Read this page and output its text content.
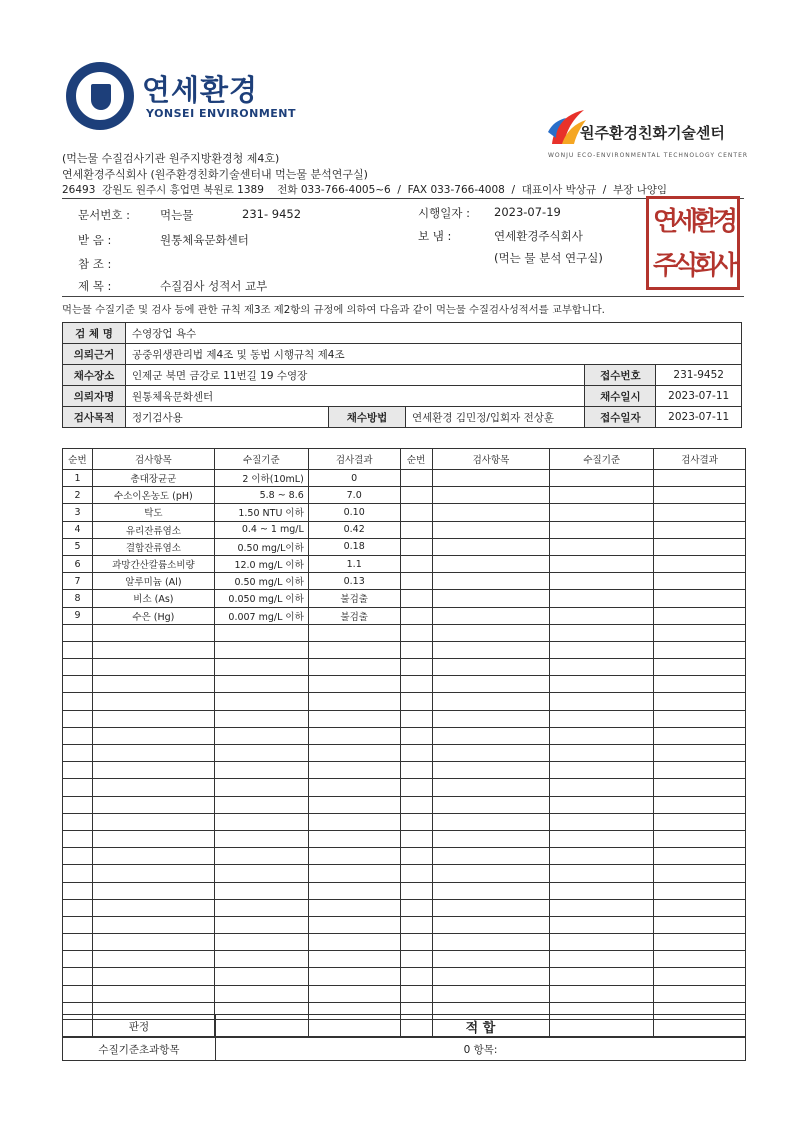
연세환경
YONSEI ENVIRONMENT
원주환경친화기술센터
WONJU ECO-ENVIRONMENTAL TECHNOLOGY CENTER
(먹는물 수질검사기관 원주지방환경청 제4호)
연세환경주식회사 (원주환경친화기술센터내 먹는물 분석연구실)
26493 강원도 원주시 흥업면 북원로 1389 전화 033-766-4005~6 / FAX 033-766-4008 / 대표이사 박상규 / 부장 나양임
문서번호 :	먹는물	231- 9452	시행일자 : 2023-07-19
받 음 :	원통체육문화센터	보 냄 :	연세환경주식회사
(먹는 물 분석 연구실)
참 조 :
제 목 :	수질검사 성적서 교부
연
세
환
경
주
식
회
사
먹는물 수질기준 및 검사 등에 관한 규칙 제3조 제2항의 규정에 의하여 다음과 같이 먹는물 수질검사성적서를 교부합니다.
검 체 명	수영장업 욕수				
의뢰근거	공중위생관리법 제4조 및 동법 시행규칙 제4조				
채수장소	인제군 북면 금강로 11번길 19 수영장			접수번호	231-9452
의뢰자명	원통체육문화센터			채수일시	2023-07-11
검사목적	정기검사용	채수방법	연세환경 김민정/입회자 전상훈	접수일자	2023-07-11
순번	검사항목	수질기준	검사결과	순번	검사항목	수질기준	검사결과
1	총대장균군	2 이하(10mL)	0				
2	수소이온농도 (pH)	5.8 ~ 8.6	7.0				
3	탁도	1.50 NTU 이하	0.10				
4	유리잔류염소	0.4 ~ 1 mg/L	0.42				
5	결합잔류염소	0.50 mg/L이하	0.18				
6	과망간산칼륨소비량	12.0 mg/L 이하	1.1				
7	알루미늄 (Al)	0.50 mg/L 이하	0.13				
8	비소 (As)	0.050 mg/L 이하	불검출				
9	수은 (Hg)	0.007 mg/L 이하	불검출				

판정	적 합
수질기준초과항목	0 항목:
